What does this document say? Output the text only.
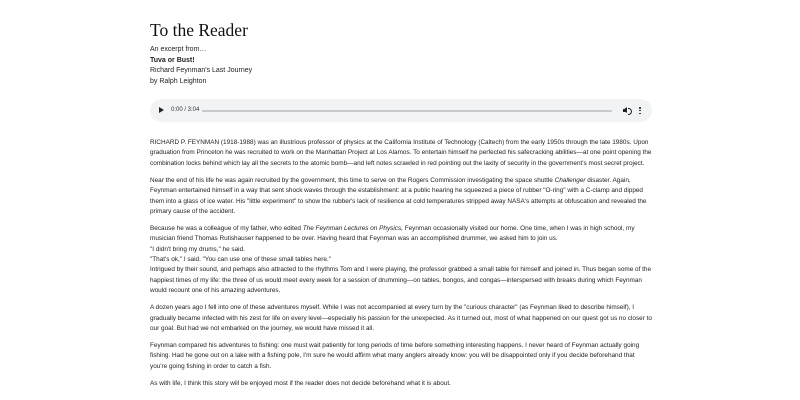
To the Reader
An excerpt from…
Tuva or Bust!
Richard Feynman's Last Journey
by Ralph Leighton
0:00 / 3:04

RICHARD P. FEYNMAN (1918-1988) was an illustrious professor of physics at the California Institute of Technology (Caltech) from the early 1950s through the late 1980s. Upon graduation from Princeton he was recruited to work on the Manhattan Project at Los Alamos. To entertain himself he perfected his safecracking abilities—at one point opening the combination locks behind which lay all the secrets to the atomic bomb—and left notes scrawled in red pointing out the laxity of security in the government's most secret project.

Near the end of his life he was again recruited by the government, this time to serve on the Rogers Commission investigating the space shuttle Challenger disaster. Again, Feynman entertained himself in a way that sent shock waves through the establishment: at a public hearing he squeezed a piece of rubber "O-ring" with a C-clamp and dipped them into a glass of ice water. His "little experiment" to show the rubber's lack of resilience at cold temperatures stripped away NASA's attempts at obfuscation and revealed the primary cause of the accident.

Because he was a colleague of my father, who edited The Feynman Lectures on Physics, Feynman occasionally visited our home. One time, when I was in high school, my musician friend Thomas Rutishauser happened to be over. Having heard that Feynman was an accomplished drummer, we asked him to join us.
"I didn't bring my drums," he said.
"That's ok," I said. "You can use one of these small tables here."
Intrigued by their sound, and perhaps also attracted to the rhythms Tom and I were playing, the professor grabbed a small table for himself and joined in. Thus began some of the happiest times of my life: the three of us would meet every week for a session of drumming—on tables, bongos, and congas—interspersed with breaks during which Feynman would recount one of his amazing adventures.

A dozen years ago I fell into one of these adventures myself. While I was not accompanied at every turn by the "curious character" (as Feynman liked to describe himself), I gradually became infected with his zest for life on every level—especially his passion for the unexpected. As it turned out, most of what happened on our quest got us no closer to our goal. But had we not embarked on the journey, we would have missed it all.

Feynman compared his adventures to fishing: one must wait patiently for long periods of time before something interesting happens. I never heard of Feynman actually going fishing. Had he gone out on a lake with a fishing pole, I'm sure he would affirm what many anglers already know: you will be disappointed only if you decide beforehand that you're going fishing in order to catch a fish.

As with life, I think this story will be enjoyed most if the reader does not decide beforehand what it is about.
